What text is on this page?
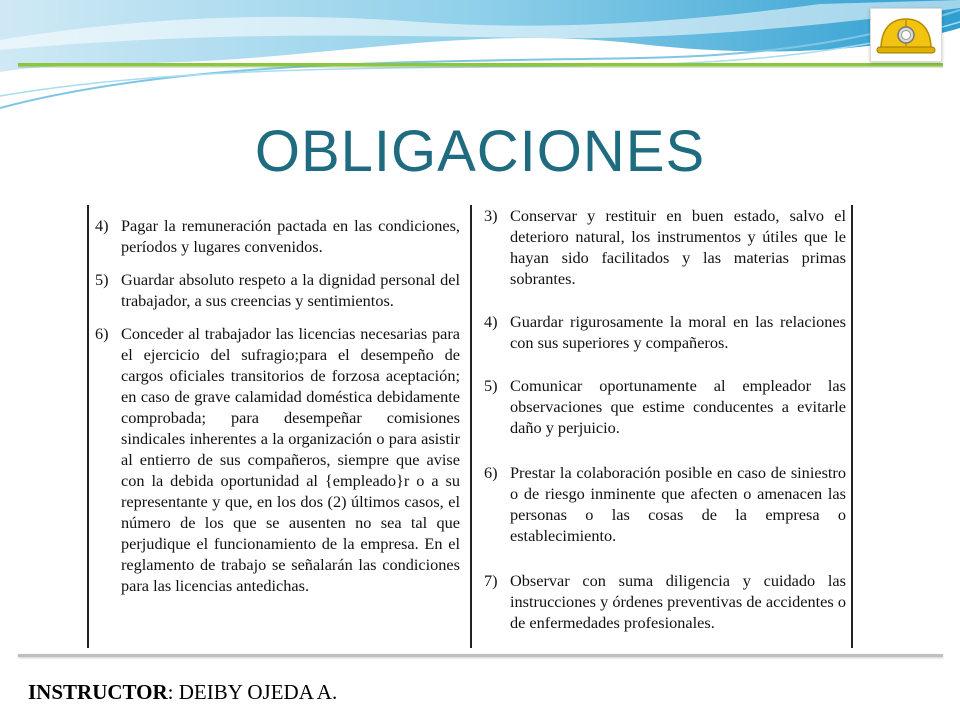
OBLIGACIONES

4) Pagar la remuneración pactada en las condiciones, períodos y lugares convenidos.

5) Guardar absoluto respeto a la dignidad personal del trabajador, a sus creencias y sentimientos.

6) Conceder al trabajador las licencias necesarias para el ejercicio del sufragio;para el desempeño de cargos oficiales transitorios de forzosa aceptación; en caso de grave calamidad doméstica debidamente comprobada; para desempeñar comisiones sindicales inherentes a la organización o para asistir al entierro de sus compañeros, siempre que avise con la debida oportunidad al {empleado}r o a su representante y que, en los dos (2) últimos casos, el número de los que se ausenten no sea tal que perjudique el funcionamiento de la empresa. En el reglamento de trabajo se señalarán las condiciones para las licencias antedichas.

3) Conservar y restituir en buen estado, salvo el deterioro natural, los instrumentos y útiles que le hayan sido facilitados y las materias primas sobrantes.

4) Guardar rigurosamente la moral en las relaciones con sus superiores y compañeros.

5) Comunicar oportunamente al empleador las observaciones que estime conducentes a evitarle daño y perjuicio.

6) Prestar la colaboración posible en caso de siniestro o de riesgo inminente que afecten o amenacen las personas o las cosas de la empresa o establecimiento.

7) Observar con suma diligencia y cuidado las instrucciones y órdenes preventivas de accidentes o de enfermedades profesionales.

INSTRUCTOR: DEIBY OJEDA A.
